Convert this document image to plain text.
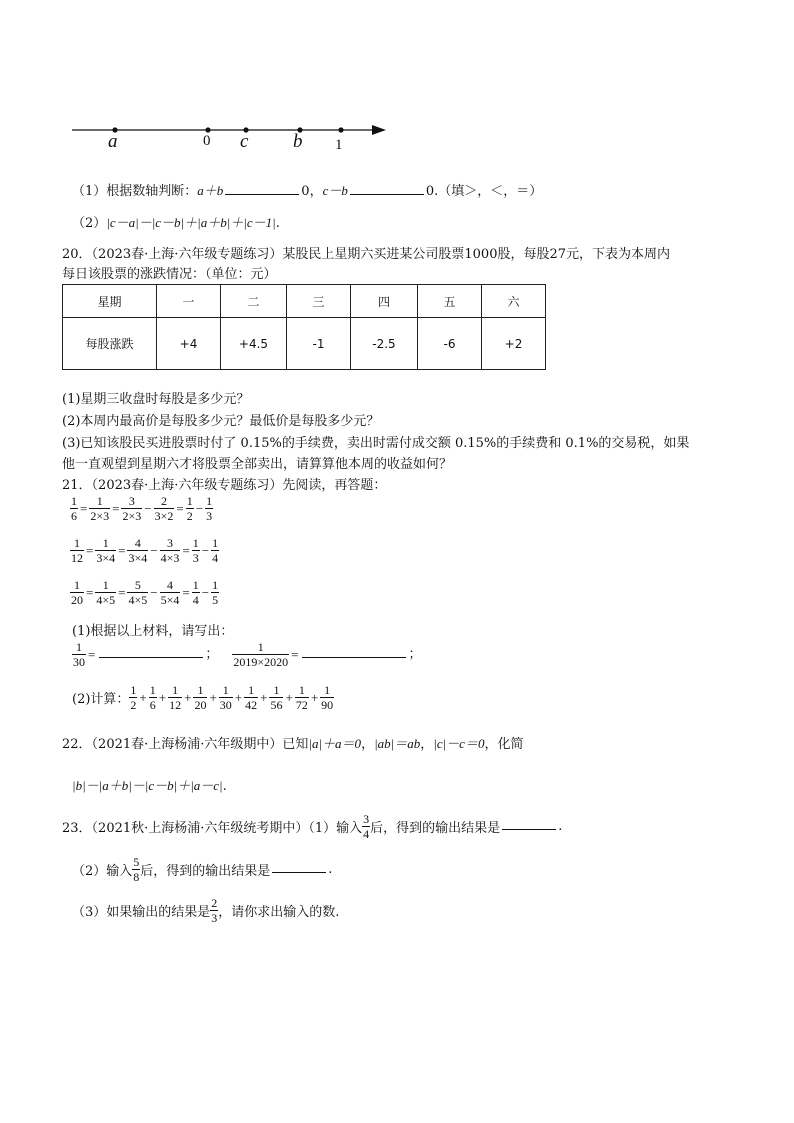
a	0 c b 1
（1）根据数轴判断：a＋b	0，c－b	0.（填＞，＜，＝）
（2）|c－a|－|c－b|＋|a＋b|＋|c－1|.
20．（2023春·上海·六年级专题练习）某股民上星期六买进某公司股票1000股，每股27元，下表为本周内
每日该股票的涨跌情况：（单位：元）
星期	一	二	三	四	五	六
每股涨跌	+4	+4.5	-1	-2.5	-6	+2
(1)星期三收盘时每股是多少元？
(2)本周内最高价是每股多少元？最低价是每股多少元？
(3)已知该股民买进股票时付了 0.15%的手续费，卖出时需付成交额 0.15%的手续费和 0.1%的交易税，如果
他一直观望到星期六才将股票全部卖出，请算算他本周的收益如何？
21．（2023春·上海·六年级专题练习）先阅读，再答题：
$\frac{1}{6} = \frac{1}{2\times 3} = \frac{3}{2\times 3} - \frac{2}{3\times 2} = \frac{1}{2} - \frac{1}{3}$
$\frac{1}{12} = \frac{1}{3\times 4} = \frac{4}{3\times 4} - \frac{3}{4\times 3} = \frac{1}{3} - \frac{1}{4}$
$\frac{1}{20} = \frac{1}{4\times 5} = \frac{5}{4\times 5} - \frac{4}{5\times 4} = \frac{1}{4} - \frac{1}{5}$
(1)根据以上材料，请写出：
$\frac{1}{30}$ =	； $\frac{1}{2019\times 2020}$ =	；
(2)计算： $\frac{1}{2} + \frac{1}{6} + \frac{1}{12} + \frac{1}{20} + \frac{1}{30} + \frac{1}{42} + \frac{1}{56} + \frac{1}{72} + \frac{1}{90}$
22．（2021春·上海杨浦·六年级期中）已知|a|＋a＝0，|ab|＝ab，|c|－c＝0，化简
|b|－|a＋b|－|c－b|＋|a－c|.
23．（2021秋·上海杨浦·六年级统考期中）（1）输入 $\frac{3}{4}$ 后，得到的输出结果是	.
（2）输入 $\frac{5}{8}$ 后，得到的输出结果是	.
（3）如果输出的结果是 $\frac{2}{3}$ ，请你求出输入的数.
